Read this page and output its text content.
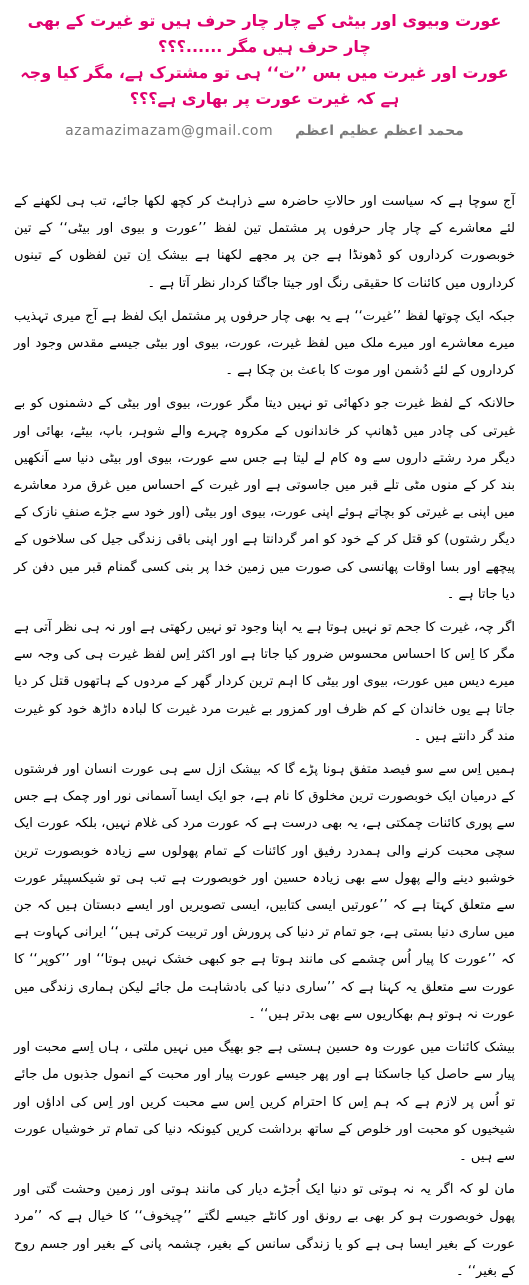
عورت وبیوی اور بیٹی کے چار چار حرف ہیں تو غیرت کے بھی چار حرف ہیں مگر ......؟؟؟
عورت اور غیرت میں بس ’’ت‘‘ ہی تو مشترک ہے، مگر کیا وجہ ہے کہ غیرت عورت پر بھاری ہے؟؟؟
azamazimazam@gmail.com محمد اعظم عظیم اعظم

آج سوچا ہے کہ سیاست اور حالاتِ حاضرہ سے ذراہٹ کر کچھ لکھا جائے، تب ہی لکھنے کے لئے معاشرے کے چار چار حرفوں پر مشتمل تین لفظ ’’عورت و بیوی اور بیٹی‘‘ کے تین خوبصورت کرداروں کو ڈھونڈا ہے جن پر مجھے لکھنا ہے بیشک اِن تین لفظوں کے تینوں کرداروں میں کائنات کا حقیقی رنگ اور جیتا جاگتا کردار نظر آتا ہے ۔

جبکہ ایک چوتھا لفظ ’’غیرت‘‘ ہے یہ بھی چار حرفوں پر مشتمل ایک لفظ ہے آج میری تہذیب میرے معاشرے اور میرے ملک میں لفظ غیرت، عورت، بیوی اور بیٹی جیسے مقدس وجود اور کرداروں کے لئے دُشمن اور موت کا باعث بن چکا ہے ۔

حالانکہ کے لفظ غیرت جو دکھائی تو نہیں دیتا مگر عورت، بیوی اور بیٹی کے دشمنوں کو بے غیرتی کی چادر میں ڈھانپ کر خاندانوں کے مکروہ چہرے والے شوہر، باپ، بیٹے، بھائی اور دیگر مرد رشتے داروں سے وہ کام لے لیتا ہے جس سے عورت، بیوی اور بیٹی دنیا سے آنکھیں بند کر کے منوں مٹی تلے قبر میں جاسوتی ہے اور غیرت کے احساس میں غرق مرد معاشرے میں اپنی بے غیرتی کو بچاتے ہوئے اپنی عورت، بیوی اور بیٹی (اور خود سے جڑے صنفِ نازک کے دیگر رشتوں) کو قتل کر کے خود کو امر گردانتا ہے اور اپنی باقی زندگی جیل کی سلاخوں کے پیچھے اور بسا اوقات پھانسی کی صورت میں زمین خدا پر بنی کسی گمنام قبر میں دفن کر دیا جاتا ہے ۔

اگر چہ، غیرت کا جحم تو نہیں ہوتا ہے یہ اپنا وجود تو نہیں رکھتی ہے اور نہ ہی نظر آتی ہے مگر کا اِس کا احساس محسوس ضرور کیا جاتا ہے اور اکثر اِس لفظ غیرت ہی کی وجہ سے میرے دیس میں عورت، بیوی اور بیٹی کا اہم ترین کردار گھر کے مردوں کے ہاتھوں قتل کر دیا جاتا ہے یوں خاندان کے کم ظرف اور کمزور بے غیرت مرد غیرت کا لبادہ داڑھ خود کو غیرت مند گر دانتے ہیں ۔

ہمیں اِس سے سو فیصد متفق ہونا پڑے گا کہ بیشک ازل سے ہی عورت انسان اور فرشتوں کے درمیان ایک خوبصورت ترین مخلوق کا نام ہے، جو ایک ایسا آسمانی نور اور چمک ہے جس سے پوری کائنات چمکتی ہے، یہ بھی درست ہے کہ عورت مرد کی غلام نہیں، بلکہ عورت ایک سچی محبت کرنے والی ہمدرد رفیق اور کائنات کے تمام پھولوں سے زیادہ خوبصورت ترین خوشبو دینے والے پھول سے بھی زیادہ حسین اور خوبصورت ہے تب ہی تو شیکسپیئر عورت سے متعلق کہتا ہے کہ ’’عورتیں ایسی کتابیں، ایسی تصویریں اور ایسے دبستان ہیں کہ جن میں ساری دنیا بستی ہے، جو تمام تر دنیا کی پرورش اور تربیت کرتی ہیں‘‘ ایرانی کہاوت ہے کہ ’’عورت کا پیار اُس چشمے کی مانند ہوتا ہے جو کبھی خشک نہیں ہوتا‘‘ اور ’’کوپر‘‘ کا عورت سے متعلق یہ کہنا ہے کہ ’’ساری دنیا کی بادشاہت مل جائے لیکن ہماری زندگی میں عورت نہ ہوتو ہم بھکاریوں سے بھی بدتر ہیں‘‘ ۔

بیشک کائنات میں عورت وہ حسین ہستی ہے جو بھیگ میں نہیں ملتی ، ہاں اِسے محبت اور پیار سے حاصل کیا جاسکتا ہے اور پھر جیسے عورت پیار اور محبت کے انمول جذبوں مل جائے تو اُس پر لازم ہے کہ ہم اِس کا احترام کریں اِس سے محبت کریں اور اِس کی اداؤں اور شیخیوں کو محبت اور خلوص کے ساتھ برداشت کریں کیونکہ دنیا کی تمام تر خوشیاں عورت سے ہیں ۔

مان لو کہ اگر یہ نہ ہوتی تو دنیا ایک اُجڑے دیار کی مانند ہوتی اور زمین وحشت گتی اور پھول خوبصورت ہو کر بھی بے رونق اور کانٹے جیسے لگتے ’’چیخوف‘‘ کا خیال ہے کہ ’’مرد عورت کے بغیر ایسا ہی ہے کو یا زندگی سانس کے بغیر، چشمہ پانی کے بغیر اور جسم روح کے بغیر‘‘ ۔
